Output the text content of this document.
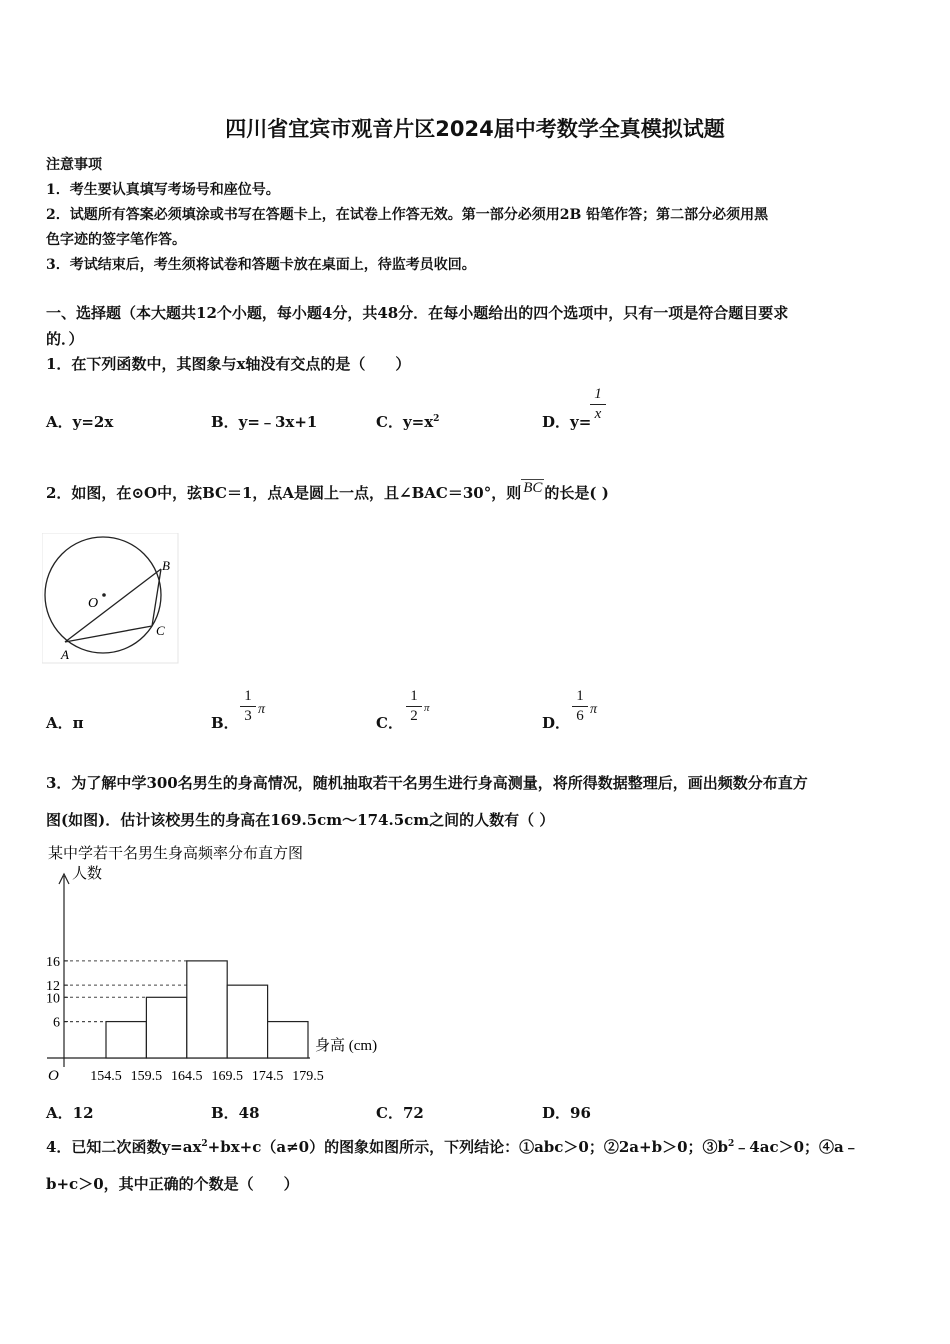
四川省宜宾市观音片区2024届中考数学全真模拟试题
注意事项
1．考生要认真填写考场号和座位号。
2．试题所有答案必须填涂或书写在答题卡上，在试卷上作答无效。第一部分必须用2B 铅笔作答；第二部分必须用黑
色字迹的签字笔作答。
3．考试结束后，考生须将试卷和答题卡放在桌面上，待监考员收回。
一、选择题（本大题共12个小题，每小题4分，共48分．在每小题给出的四个选项中，只有一项是符合题目要求
的．）
1．在下列函数中，其图象与x轴没有交点的是（　　）
A．y=2x	B．y=﹣3x+1	C．$y=x^2$	D．y=
1
x
2．如图，在⊙O中，弦BC＝1，点A是圆上一点，且∠BAC＝30°，则 BC 的长是( )
O
A
B
C
A．π	B．
1
3 π
C．
1
2 π
D．
1
6 π
3．为了解中学300名男生的身高情况，随机抽取若干名男生进行身高测量，将所得数据整理后，画出频数分布直方
图(如图)．估计该校男生的身高在169.5cm～174.5cm之间的人数有（ ）
某中学若干名男生身高频率分布直方图
人数
身高 (cm)
O
6
10
12
16
154.5 159.5 164.5 169.5 174.5 179.5
A．12	B．48	C．72	D．96
4．已知二次函数$y=ax^2+bx+c(a\ne 0)$的图象如图所示，下列结论：①abc＞0；②2a+b＞0；$③b^2﹣4ac>0$；④a﹣
b+c＞0，其中正确的个数是（　　）
